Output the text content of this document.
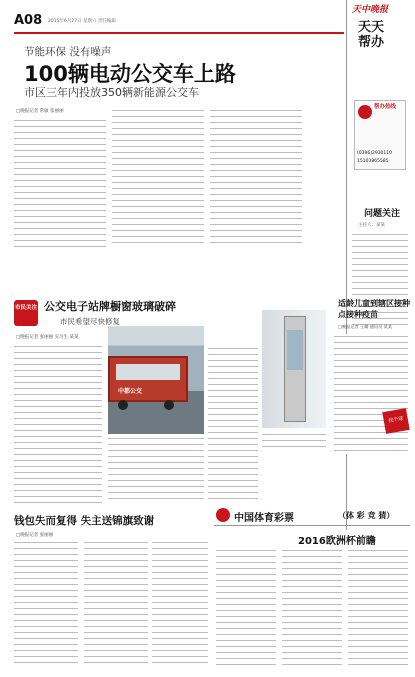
A08 2015年6月27日 星期六 责任编辑
天中晚报
天天
帮办
节能环保 没有噪声
100辆电动公交车上路
市区三年内投放350辆新能源公交车
□晚报记者 常敏 张丽丽
帮办热线
(0396)2930110
15103865585
问题关注
主持人：某某
市民关注 公交电子站牌橱窗玻璃破碎
市民希望尽快修复
□晚报记者 张丽丽 实习生 某某
中都公交
适龄儿童到辖区接种点接种疫苗
□晚报记者 王璐 通讯员 某某
找个球
钱包失而复得 失主送锦旗致谢
□晚报记者 张丽丽
中国体育彩票	（体 彩 竞 猜）
2016欧洲杯前瞻
